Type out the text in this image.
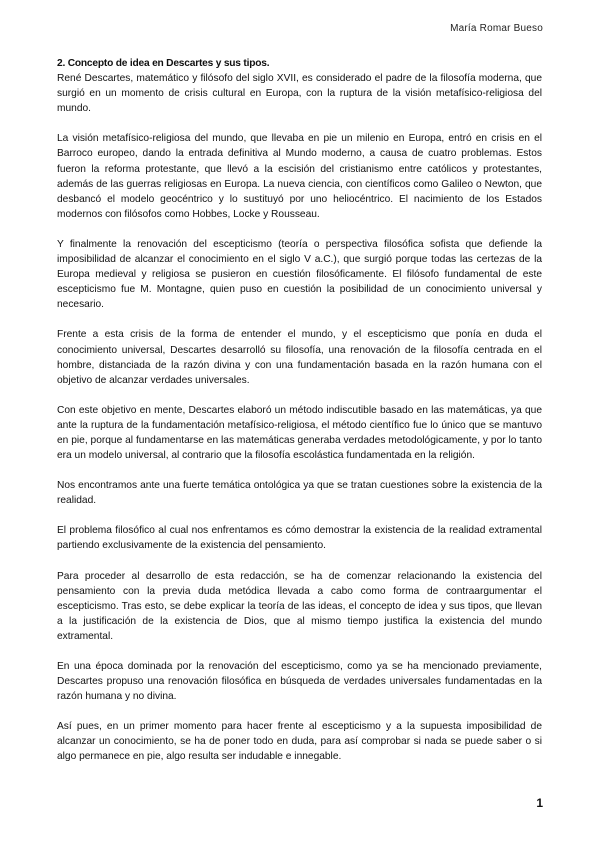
María Romar Bueso

2. Concepto de idea en Descartes y sus tipos.

René Descartes, matemático y filósofo del siglo XVII, es considerado el padre de la filosofía moderna, que surgió en un momento de crisis cultural en Europa, con la ruptura de la visión metafísico-religiosa del mundo.

La visión metafísico-religiosa del mundo, que llevaba en pie un milenio en Europa, entró en crisis en el Barroco europeo, dando la entrada definitiva al Mundo moderno, a causa de cuatro problemas. Estos fueron la reforma protestante, que llevó a la escisión del cristianismo entre católicos y protestantes, además de las guerras religiosas en Europa. La nueva ciencia, con científicos como Galileo o Newton, que desbancó el modelo geocéntrico y lo sustituyó por uno heliocéntrico. El nacimiento de los Estados modernos con filósofos como Hobbes, Locke y Rousseau.

Y finalmente la renovación del escepticismo (teoría o perspectiva filosófica sofista que defiende la imposibilidad de alcanzar el conocimiento en el siglo V a.C.), que surgió porque todas las certezas de la Europa medieval y religiosa se pusieron en cuestión filosóficamente. El filósofo fundamental de este escepticismo fue M. Montagne, quien puso en cuestión la posibilidad de un conocimiento universal y necesario.

Frente a esta crisis de la forma de entender el mundo, y el escepticismo que ponía en duda el conocimiento universal, Descartes desarrolló su filosofía, una renovación de la filosofía centrada en el hombre, distanciada de la razón divina y con una fundamentación basada en la razón humana con el objetivo de alcanzar verdades universales.

Con este objetivo en mente, Descartes elaboró un método indiscutible basado en las matemáticas, ya que ante la ruptura de la fundamentación metafísico-religiosa, el método científico fue lo único que se mantuvo en pie, porque al fundamentarse en las matemáticas generaba verdades metodológicamente, y por lo tanto era un modelo universal, al contrario que la filosofía escolástica fundamentada en la religión.

Nos encontramos ante una fuerte temática ontológica ya que se tratan cuestiones sobre la existencia de la realidad.

El problema filosófico al cual nos enfrentamos es cómo demostrar la existencia de la realidad extramental partiendo exclusivamente de la existencia del pensamiento.

Para proceder al desarrollo de esta redacción, se ha de comenzar relacionando la existencia del pensamiento con la previa duda metódica llevada a cabo como forma de contraargumentar el escepticismo. Tras esto, se debe explicar la teoría de las ideas, el concepto de idea y sus tipos, que llevan a la justificación de la existencia de Dios, que al mismo tiempo justifica la existencia del mundo extramental.

En una época dominada por la renovación del escepticismo, como ya se ha mencionado previamente, Descartes propuso una renovación filosófica en búsqueda de verdades universales fundamentadas en la razón humana y no divina.

Así pues, en un primer momento para hacer frente al escepticismo y a la supuesta imposibilidad de alcanzar un conocimiento, se ha de poner todo en duda, para así comprobar si nada se puede saber o si algo permanece en pie, algo resulta ser indudable e innegable.

1
